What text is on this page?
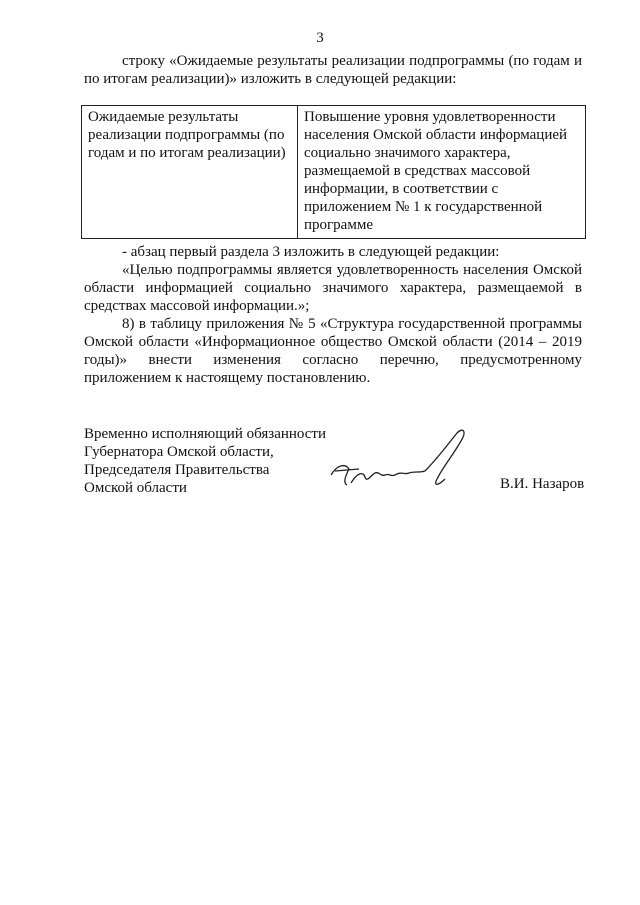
3
строку «Ожидаемые результаты реализации подпрограммы (по годам и по итогам реализации)» изложить в следующей редакции:
Ожидаемые результаты реализации подпрограммы (по годам и по итогам реализации)	Повышение уровня удовлетворенности населения Омской области информацией социально значимого характера, размещаемой в средствах массовой информации, в соответствии с приложением № 1 к государственной программе

- абзац первый раздела 3 изложить в следующей редакции:

«Целью подпрограммы является удовлетворенность населения Омской области информацией социально значимого характера, размещаемой в средствах массовой информации.»;

8) в таблицу приложения № 5 «Структура государственной программы Омской области «Информационное общество Омской области (2014 – 2019 годы)» внести изменения согласно перечню, предусмотренному приложением к настоящему постановлению.

Временно исполняющий обязанности
Губернатора Омской области,
Председателя Правительства
Омской области	В.И. Назаров
